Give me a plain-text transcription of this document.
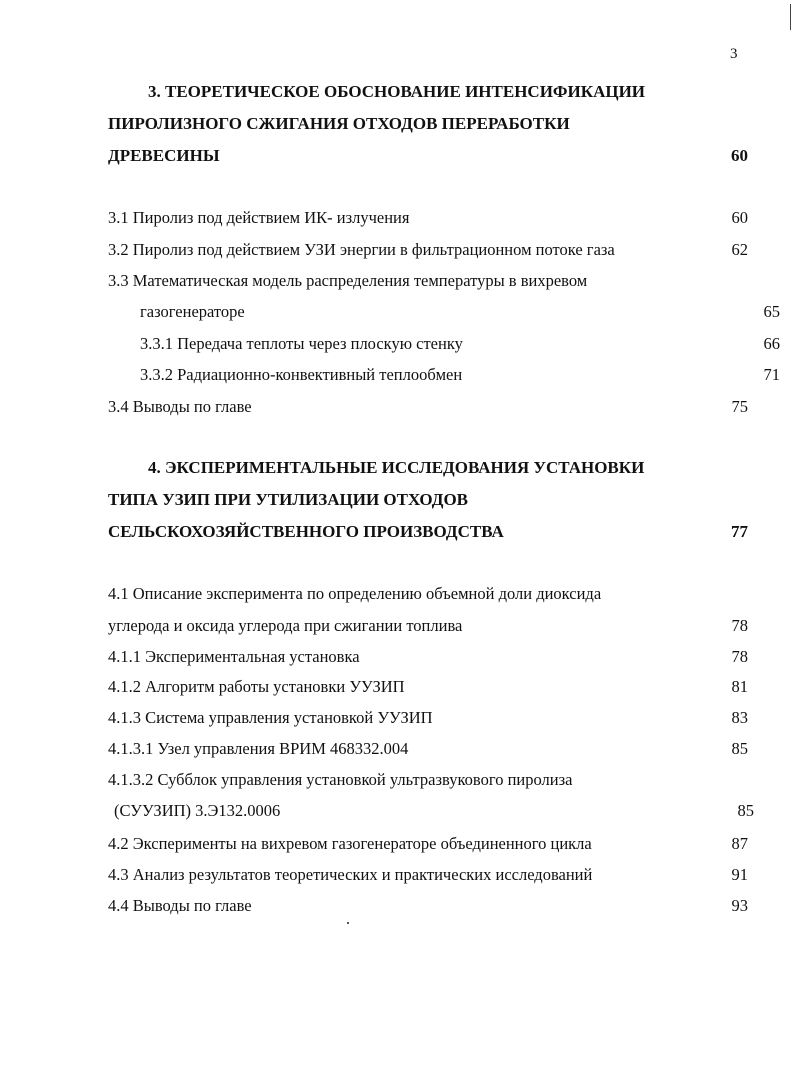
3
3. ТЕОРЕТИЧЕСКОЕ ОБОСНОВАНИЕ ИНТЕНСИФИКАЦИИ
ПИРОЛИЗНОГО СЖИГАНИЯ ОТХОДОВ ПЕРЕРАБОТКИ
ДРЕВЕСИНЫ	60
3.1 Пиролиз под действием ИК- излучения	60
3.2 Пиролиз под действием УЗИ энергии в фильтрационном потоке газа	62
3.3 Математическая модель распределения температуры в вихревом
газогенераторе	65
3.3.1 Передача теплоты через плоскую стенку	66
3.3.2 Радиационно-конвективный теплообмен	71
3.4 Выводы по главе	75
4. ЭКСПЕРИМЕНТАЛЬНЫЕ ИССЛЕДОВАНИЯ УСТАНОВКИ
ТИПА УЗИП ПРИ УТИЛИЗАЦИИ ОТХОДОВ
СЕЛЬСКОХОЗЯЙСТВЕННОГО ПРОИЗВОДСТВА	77
4.1 Описание эксперимента по определению объемной доли диоксида
углерода и оксида углерода при сжигании топлива	78
4.1.1 Экспериментальная установка	78
4.1.2 Алгоритм работы установки УУЗИП	81
4.1.3 Система управления установкой УУЗИП	83
4.1.3.1 Узел управления ВРИМ 468332.004	85
4.1.3.2 Субблок управления установкой ультразвукового пиролиза
(СУУЗИП) 3.Э132.0006	85
4.2 Эксперименты на вихревом газогенераторе объединенного цикла	87
4.3 Анализ результатов теоретических и практических исследований	91
4.4 Выводы по главе	93
